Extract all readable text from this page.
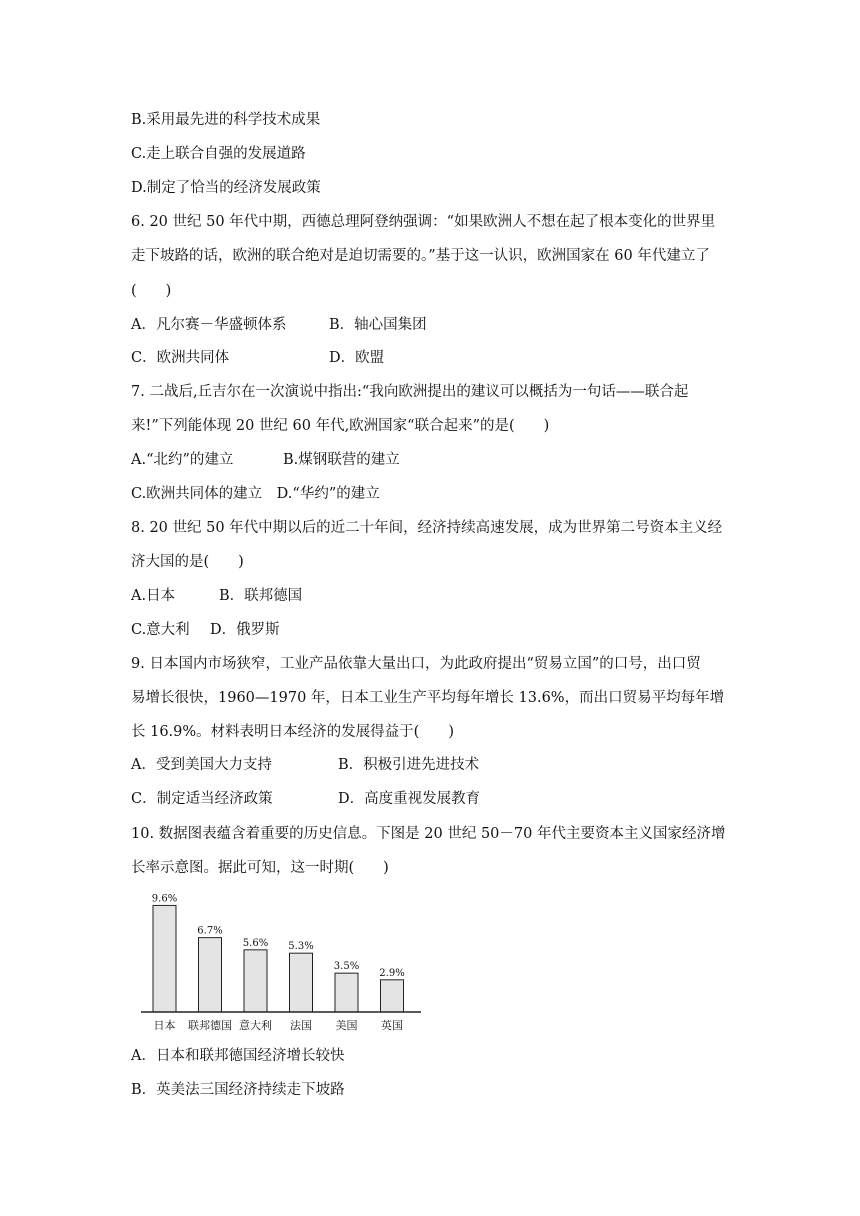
B.采用最先进的科学技术成果
C.走上联合自强的发展道路
D.制定了恰当的经济发展政策
6. 20 世纪 50 年代中期，西德总理阿登纳强调：“如果欧洲人不想在起了根本变化的世界里
走下坡路的话，欧洲的联合绝对是迫切需要的。”基于这一认识，欧洲国家在 60 年代建立了
(　　)
A．凡尔赛－华盛顿体系	B．轴心国集团
C．欧洲共同体	D．欧盟
7. 二战后,丘吉尔在一次演说中指出:“我向欧洲提出的建议可以概括为一句话——联合起
来!”下列能体现 20 世纪 60 年代,欧洲国家“联合起来”的是(　　)
A.“北约”的建立	B.煤钢联营的建立
C.欧洲共同体的建立　D.“华约”的建立
8. 20 世纪 50 年代中期以后的近二十年间，经济持续高速发展，成为世界第二号资本主义经
济大国的是(　　)
A.日本	B．联邦德国
C.意大利 D．俄罗斯
9. 日本国内市场狭窄，工业产品依靠大量出口，为此政府提出“贸易立国”的口号，出口贸
易增长很快，1960—1970 年，日本工业生产平均每年增长 13.6%，而出口贸易平均每年增
长 16.9%。材料表明日本经济的发展得益于(　　)
A．受到美国大力支持	B．积极引进先进技术
C．制定适当经济政策	D．高度重视发展教育
10. 数据图表蕴含着重要的历史信息。下图是 20 世纪 50－70 年代主要资本主义国家经济增
长率示意图。据此可知，这一时期(　　)
9.6%
日本
6.7%
联邦德国
5.6%
意大利
5.3%
法国
3.5%
美国
2.9%
英国
A．日本和联邦德国经济增长较快
B．英美法三国经济持续走下坡路
